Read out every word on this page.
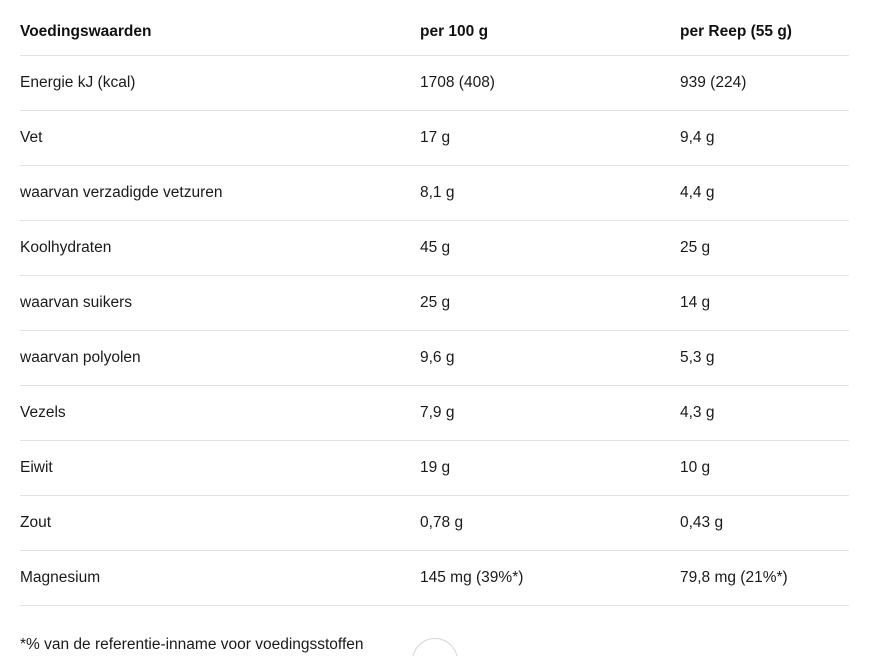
Voedingswaarden	per 100 g	per Reep (55 g)
Energie kJ (kcal)	1708 (408)	939 (224)
Vet	17 g	9,4 g
waarvan verzadigde vetzuren	8,1 g	4,4 g
Koolhydraten	45 g	25 g
waarvan suikers	25 g	14 g
waarvan polyolen	9,6 g	5,3 g
Vezels	7,9 g	4,3 g
Eiwit	19 g	10 g
Zout	0,78 g	0,43 g
Magnesium	145 mg (39%*)	79,8 mg (21%*)
*% van de referentie-inname voor voedingsstoffen
